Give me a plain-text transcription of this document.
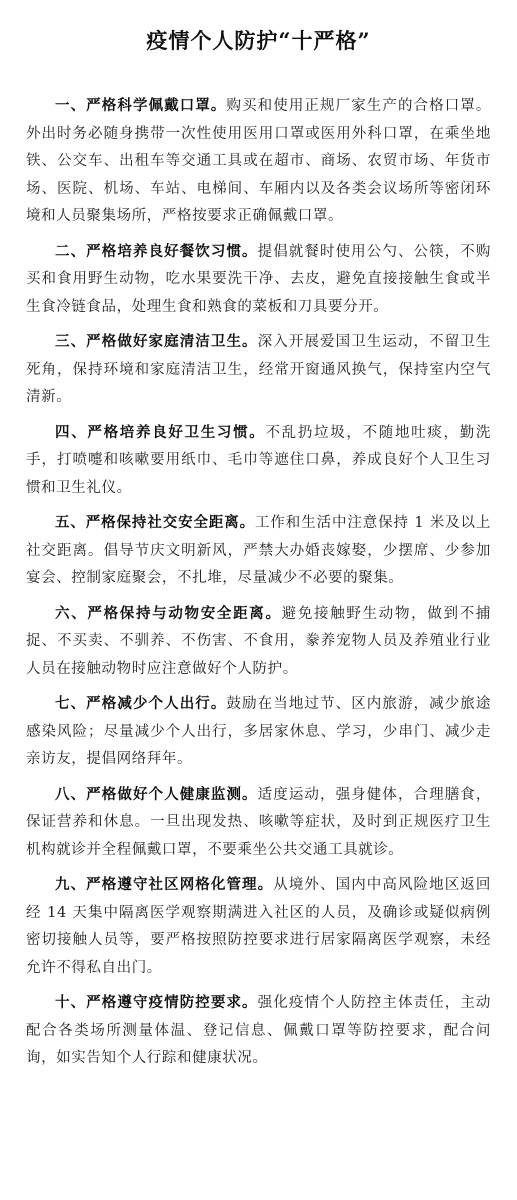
疫情个人防护“十严格”

一、严格科学佩戴口罩。购买和使用正规厂家生产的合格口罩。外出时务必随身携带一次性使用医用口罩或医用外科口罩，在乘坐地铁、公交车、出租车等交通工具或在超市、商场、农贸市场、年货市场、医院、机场、车站、电梯间、车厢内以及各类会议场所等密闭环境和人员聚集场所，严格按要求正确佩戴口罩。

二、严格培养良好餐饮习惯。提倡就餐时使用公勺、公筷，不购买和食用野生动物，吃水果要洗干净、去皮，避免直接接触生食或半生食冷链食品，处理生食和熟食的菜板和刀具要分开。

三、严格做好家庭清洁卫生。深入开展爱国卫生运动，不留卫生死角，保持环境和家庭清洁卫生，经常开窗通风换气，保持室内空气清新。

四、严格培养良好卫生习惯。不乱扔垃圾，不随地吐痰，勤洗手，打喷嚏和咳嗽要用纸巾、毛巾等遮住口鼻，养成良好个人卫生习惯和卫生礼仪。

五、严格保持社交安全距离。工作和生活中注意保持 1 米及以上社交距离。倡导节庆文明新风，严禁大办婚丧嫁娶，少摆席、少参加宴会、控制家庭聚会，不扎堆，尽量减少不必要的聚集。

六、严格保持与动物安全距离。避免接触野生动物，做到不捕捉、不买卖、不驯养、不伤害、不食用，豢养宠物人员及养殖业行业人员在接触动物时应注意做好个人防护。

七、严格减少个人出行。鼓励在当地过节、区内旅游，减少旅途感染风险；尽量减少个人出行，多居家休息、学习，少串门、减少走亲访友，提倡网络拜年。

八、严格做好个人健康监测。适度运动，强身健体，合理膳食，保证营养和休息。一旦出现发热、咳嗽等症状，及时到正规医疗卫生机构就诊并全程佩戴口罩，不要乘坐公共交通工具就诊。

九、严格遵守社区网格化管理。从境外、国内中高风险地区返回经 14 天集中隔离医学观察期满进入社区的人员，及确诊或疑似病例密切接触人员等，要严格按照防控要求进行居家隔离医学观察，未经允许不得私自出门。

十、严格遵守疫情防控要求。强化疫情个人防控主体责任，主动配合各类场所测量体温、登记信息、佩戴口罩等防控要求，配合问询，如实告知个人行踪和健康状况。
